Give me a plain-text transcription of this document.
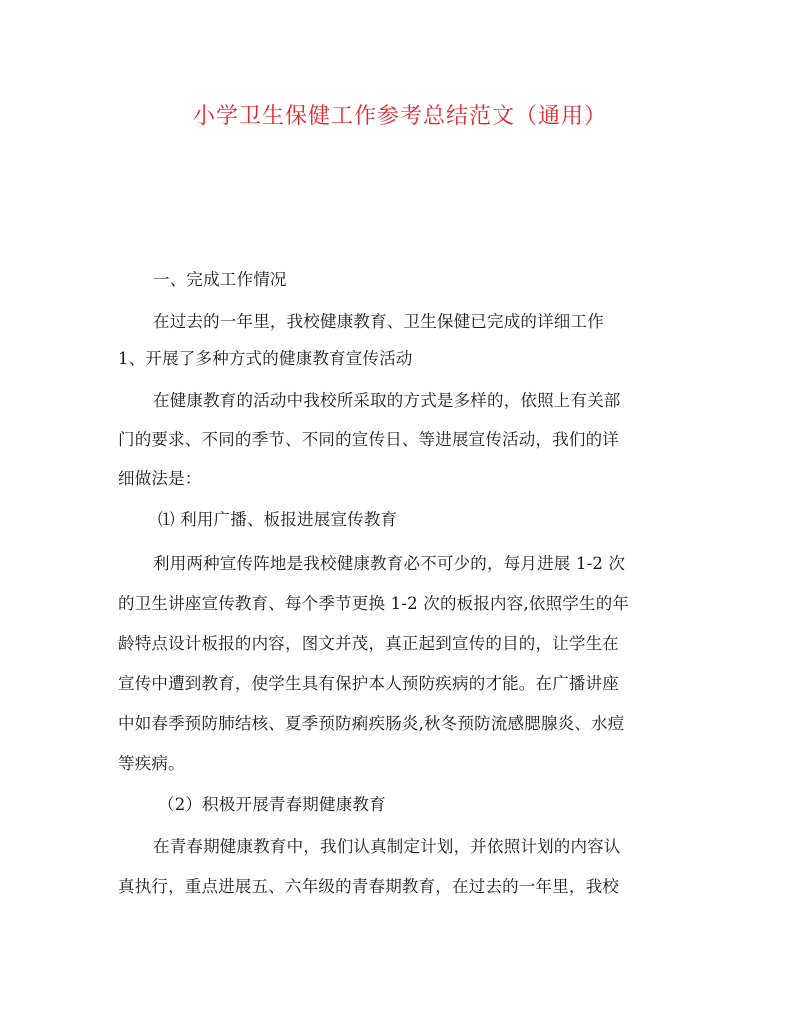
小学卫生保健工作参考总结范文（通用）
一、完成工作情况
在过去的一年里，我校健康教育、卫生保健已完成的详细工作
1、开展了多种方式的健康教育宣传活动
在健康教育的活动中我校所采取的方式是多样的，依照上有关部
门的要求、不同的季节、不同的宣传日、等进展宣传活动，我们的详
细做法是：
⑴ 利用广播、板报进展宣传教育
利用两种宣传阵地是我校健康教育必不可少的，每月进展 1-2 次
的卫生讲座宣传教育、每个季节更换 1-2 次的板报内容,依照学生的年
龄特点设计板报的内容，图文并茂，真正起到宣传的目的，让学生在
宣传中遭到教育，使学生具有保护本人预防疾病的才能。在广播讲座
中如春季预防肺结核、夏季预防痢疾肠炎,秋冬预防流感腮腺炎、水痘
等疾病。
（2）积极开展青春期健康教育
在青春期健康教育中，我们认真制定计划，并依照计划的内容认
真执行，重点进展五、六年级的青春期教育，在过去的一年里，我校
